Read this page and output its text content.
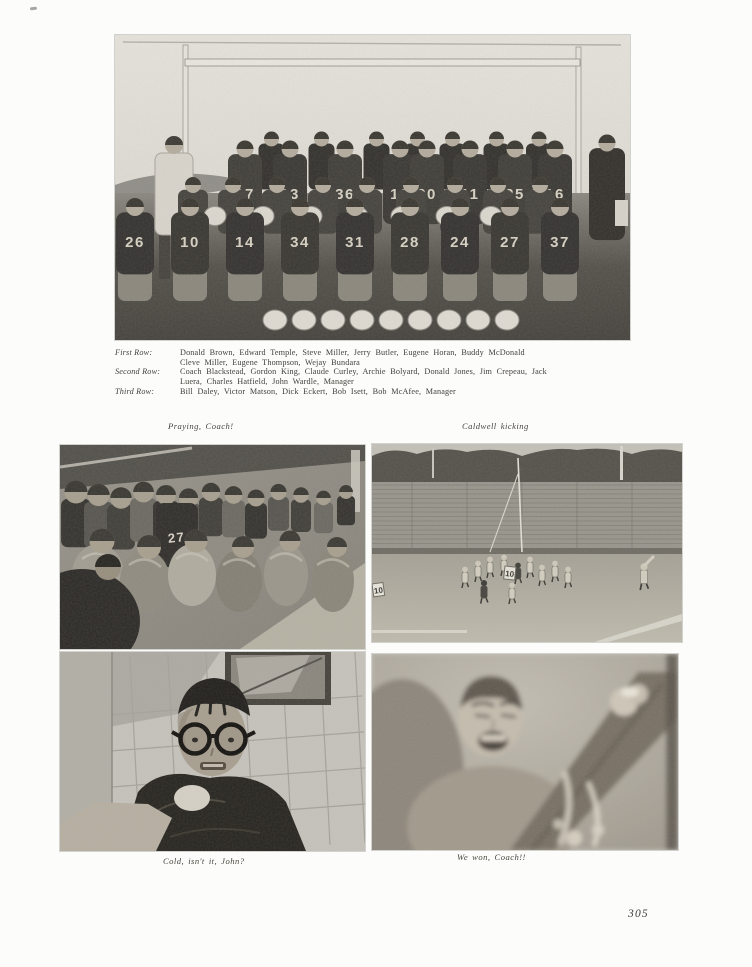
First Row:	Donald Brown, Edward Temple, Steve Miller, Jerry Butler, Eugene Horan, Buddy McDonald
Cleve Miller, Eugene Thompson, Wejay Bundara
Second Row:	Coach Blackstead, Gordon King, Claude Curley, Archie Bolyard, Donald Jones, Jim Crepeau, Jack
Luera, Charles Hatfield, John Wardle, Manager
Third Row:	Bill Daley, Victor Matson, Dick Eckert, Bob Isett, Bob McAfee, Manager
Praying, Coach!	Caldwell kicking
Cold, isn't it, John?	We won, Coach!!
305
